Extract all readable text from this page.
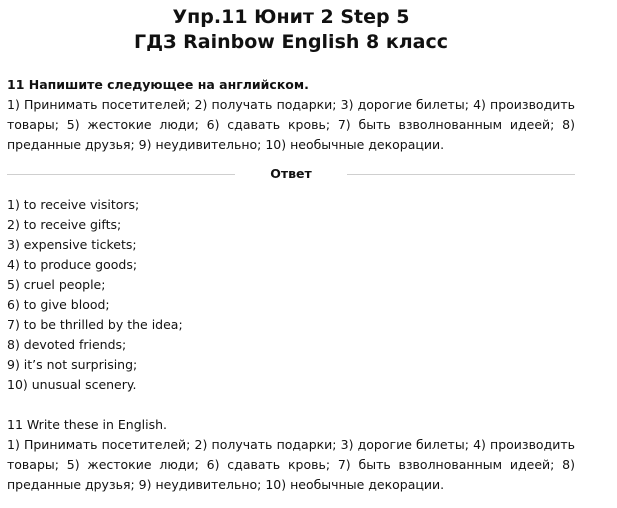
Упр.11 Юнит 2 Step 5
ГДЗ Rainbow English 8 класс
11 Напишите следующее на английском.
1) Принимать посетителей; 2) получать подарки; 3) дорогие билеты; 4) производить товары; 5) жестокие люди; 6) сдавать кровь; 7) быть взволнованным идеей; 8) преданные друзья; 9) неудивительно; 10) необычные декорации.
Ответ
1) to receive visitors;
2) to receive gifts;
3) expensive tickets;
4) to produce goods;
5) cruel people;
6) to give blood;
7) to be thrilled by the idea;
8) devoted friends;
9) it’s not surprising;
10) unusual scenery.
11 Write these in English.
1) Принимать посетителей; 2) получать подарки; 3) дорогие билеты; 4) производить товары; 5) жестокие люди; 6) сдавать кровь; 7) быть взволнованным идеей; 8) преданные друзья; 9) неудивительно; 10) необычные декорации.
